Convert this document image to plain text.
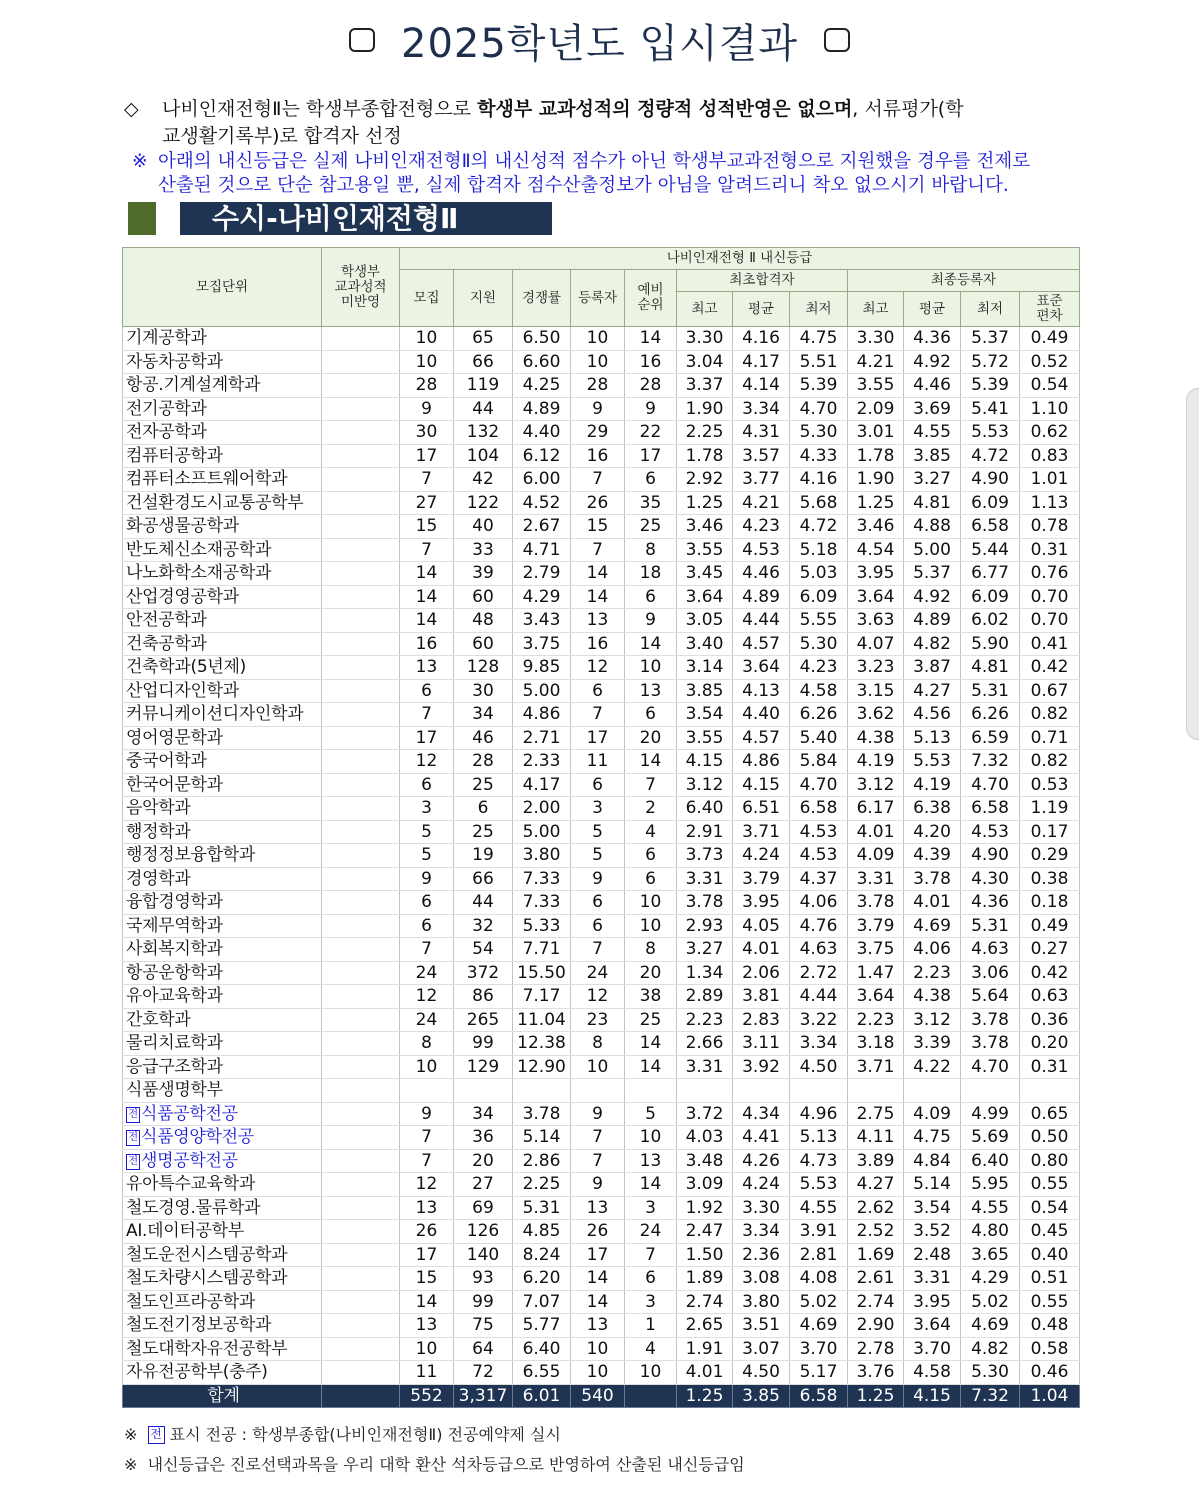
2025학년도 입시결과
◇ 나비인재전형Ⅱ는 학생부종합전형으로 학생부 교과성적의 정량적 성적반영은 없으며, 서류평가(학
교생활기록부)로 합격자 선정
※ 아래의 내신등급은 실제 나비인재전형Ⅱ의 내신성적 점수가 아닌 학생부교과전형으로 지원했을 경우를 전제로
산출된 것으로 단순 참고용일 뿐, 실제 합격자 점수산출정보가 아님을 알려드리니 착오 없으시기 바랍니다.
수시-나비인재전형Ⅱ
모집단위	학생부
교과성적
미반영	나비인재전형 Ⅱ 내신등급											
		모집	지원	경쟁률	등록자	예비
순위	최초합격자			최종등록자			
							최고	평균	최저	최고	평균	최저	표준
편차
기계공학과		10	65	6.50	10	14	3.30	4.16	4.75	3.30	4.36	5.37	0.49
자동차공학과		10	66	6.60	10	16	3.04	4.17	5.51	4.21	4.92	5.72	0.52
항공.기계설계학과		28	119	4.25	28	28	3.37	4.14	5.39	3.55	4.46	5.39	0.54
전기공학과		9	44	4.89	9	9	1.90	3.34	4.70	2.09	3.69	5.41	1.10
전자공학과		30	132	4.40	29	22	2.25	4.31	5.30	3.01	4.55	5.53	0.62
컴퓨터공학과		17	104	6.12	16	17	1.78	3.57	4.33	1.78	3.85	4.72	0.83
컴퓨터소프트웨어학과		7	42	6.00	7	6	2.92	3.77	4.16	1.90	3.27	4.90	1.01
건설환경도시교통공학부		27	122	4.52	26	35	1.25	4.21	5.68	1.25	4.81	6.09	1.13
화공생물공학과		15	40	2.67	15	25	3.46	4.23	4.72	3.46	4.88	6.58	0.78
반도체신소재공학과		7	33	4.71	7	8	3.55	4.53	5.18	4.54	5.00	5.44	0.31
나노화학소재공학과		14	39	2.79	14	18	3.45	4.46	5.03	3.95	5.37	6.77	0.76
산업경영공학과		14	60	4.29	14	6	3.64	4.89	6.09	3.64	4.92	6.09	0.70
안전공학과		14	48	3.43	13	9	3.05	4.44	5.55	3.63	4.89	6.02	0.70
건축공학과		16	60	3.75	16	14	3.40	4.57	5.30	4.07	4.82	5.90	0.41
건축학과(5년제)		13	128	9.85	12	10	3.14	3.64	4.23	3.23	3.87	4.81	0.42
산업디자인학과		6	30	5.00	6	13	3.85	4.13	4.58	3.15	4.27	5.31	0.67
커뮤니케이션디자인학과		7	34	4.86	7	6	3.54	4.40	6.26	3.62	4.56	6.26	0.82
영어영문학과		17	46	2.71	17	20	3.55	4.57	5.40	4.38	5.13	6.59	0.71
중국어학과		12	28	2.33	11	14	4.15	4.86	5.84	4.19	5.53	7.32	0.82
한국어문학과		6	25	4.17	6	7	3.12	4.15	4.70	3.12	4.19	4.70	0.53
음악학과		3	6	2.00	3	2	6.40	6.51	6.58	6.17	6.38	6.58	1.19
행정학과		5	25	5.00	5	4	2.91	3.71	4.53	4.01	4.20	4.53	0.17
행정정보융합학과		5	19	3.80	5	6	3.73	4.24	4.53	4.09	4.39	4.90	0.29
경영학과		9	66	7.33	9	6	3.31	3.79	4.37	3.31	3.78	4.30	0.38
융합경영학과		6	44	7.33	6	10	3.78	3.95	4.06	3.78	4.01	4.36	0.18
국제무역학과		6	32	5.33	6	10	2.93	4.05	4.76	3.79	4.69	5.31	0.49
사회복지학과		7	54	7.71	7	8	3.27	4.01	4.63	3.75	4.06	4.63	0.27
항공운항학과		24	372	15.50	24	20	1.34	2.06	2.72	1.47	2.23	3.06	0.42
유아교육학과		12	86	7.17	12	38	2.89	3.81	4.44	3.64	4.38	5.64	0.63
간호학과		24	265	11.04	23	25	2.23	2.83	3.22	2.23	3.12	3.78	0.36
물리치료학과		8	99	12.38	8	14	2.66	3.11	3.34	3.18	3.39	3.78	0.20
응급구조학과		10	129	12.90	10	14	3.31	3.92	4.50	3.71	4.22	4.70	0.31
식품생명학부													
전 식품공학전공		9	34	3.78	9	5	3.72	4.34	4.96	2.75	4.09	4.99	0.65
전 식품영양학전공		7	36	5.14	7	10	4.03	4.41	5.13	4.11	4.75	5.69	0.50
전 생명공학전공		7	20	2.86	7	13	3.48	4.26	4.73	3.89	4.84	6.40	0.80
유아특수교육학과		12	27	2.25	9	14	3.09	4.24	5.53	4.27	5.14	5.95	0.55
철도경영.물류학과		13	69	5.31	13	3	1.92	3.30	4.55	2.62	3.54	4.55	0.54
AI.데이터공학부		26	126	4.85	26	24	2.47	3.34	3.91	2.52	3.52	4.80	0.45
철도운전시스템공학과		17	140	8.24	17	7	1.50	2.36	2.81	1.69	2.48	3.65	0.40
철도차량시스템공학과		15	93	6.20	14	6	1.89	3.08	4.08	2.61	3.31	4.29	0.51
철도인프라공학과		14	99	7.07	14	3	2.74	3.80	5.02	2.74	3.95	5.02	0.55
철도전기정보공학과		13	75	5.77	13	1	2.65	3.51	4.69	2.90	3.64	4.69	0.48
철도대학자유전공학부		10	64	6.40	10	4	1.91	3.07	3.70	2.78	3.70	4.82	0.58
자유전공학부(충주)		11	72	6.55	10	10	4.01	4.50	5.17	3.76	4.58	5.30	0.46
합계		552	3,317	6.01	540		1.25	3.85	6.58	1.25	4.15	7.32	1.04
※ 전 표시 전공 : 학생부종합(나비인재전형Ⅱ) 전공예약제 실시
※ 내신등급은 진로선택과목을 우리 대학 환산 석차등급으로 반영하여 산출된 내신등급임
